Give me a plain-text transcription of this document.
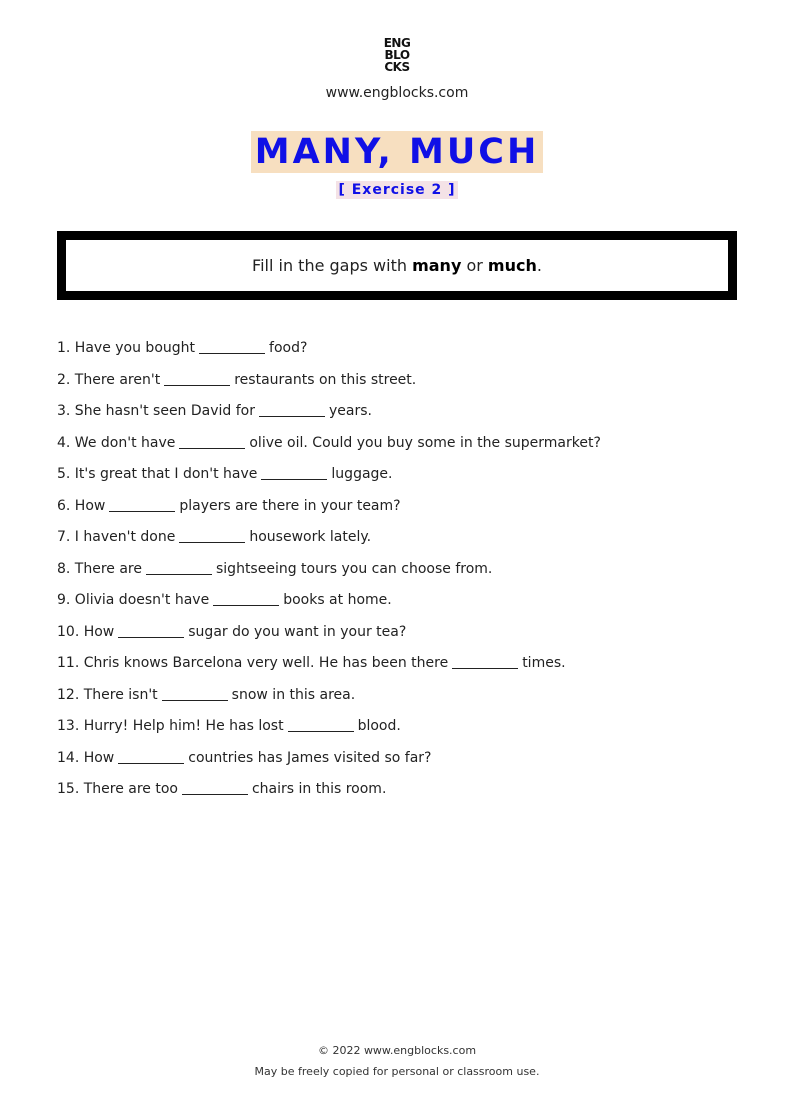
ENG
BLO
CKS
www.engblocks.com
MANY, MUCH
[ Exercise 2 ]
Fill in the gaps with many or much.
1. Have you bought	food?
2. There aren't	restaurants on this street.
3. She hasn't seen David for	years.
4. We don't have	olive oil. Could you buy some in the supermarket?
5. It's great that I don't have	luggage.
6. How	players are there in your team?
7. I haven't done	housework lately.
8. There are	sightseeing tours you can choose from.
9. Olivia doesn't have	books at home.
10. How	sugar do you want in your tea?
11. Chris knows Barcelona very well. He has been there	times.
12. There isn't	snow in this area.
13. Hurry! Help him! He has lost	blood.
14. How	countries has James visited so far?
15. There are too	chairs in this room.
© 2022 www.engblocks.com
May be freely copied for personal or classroom use.
